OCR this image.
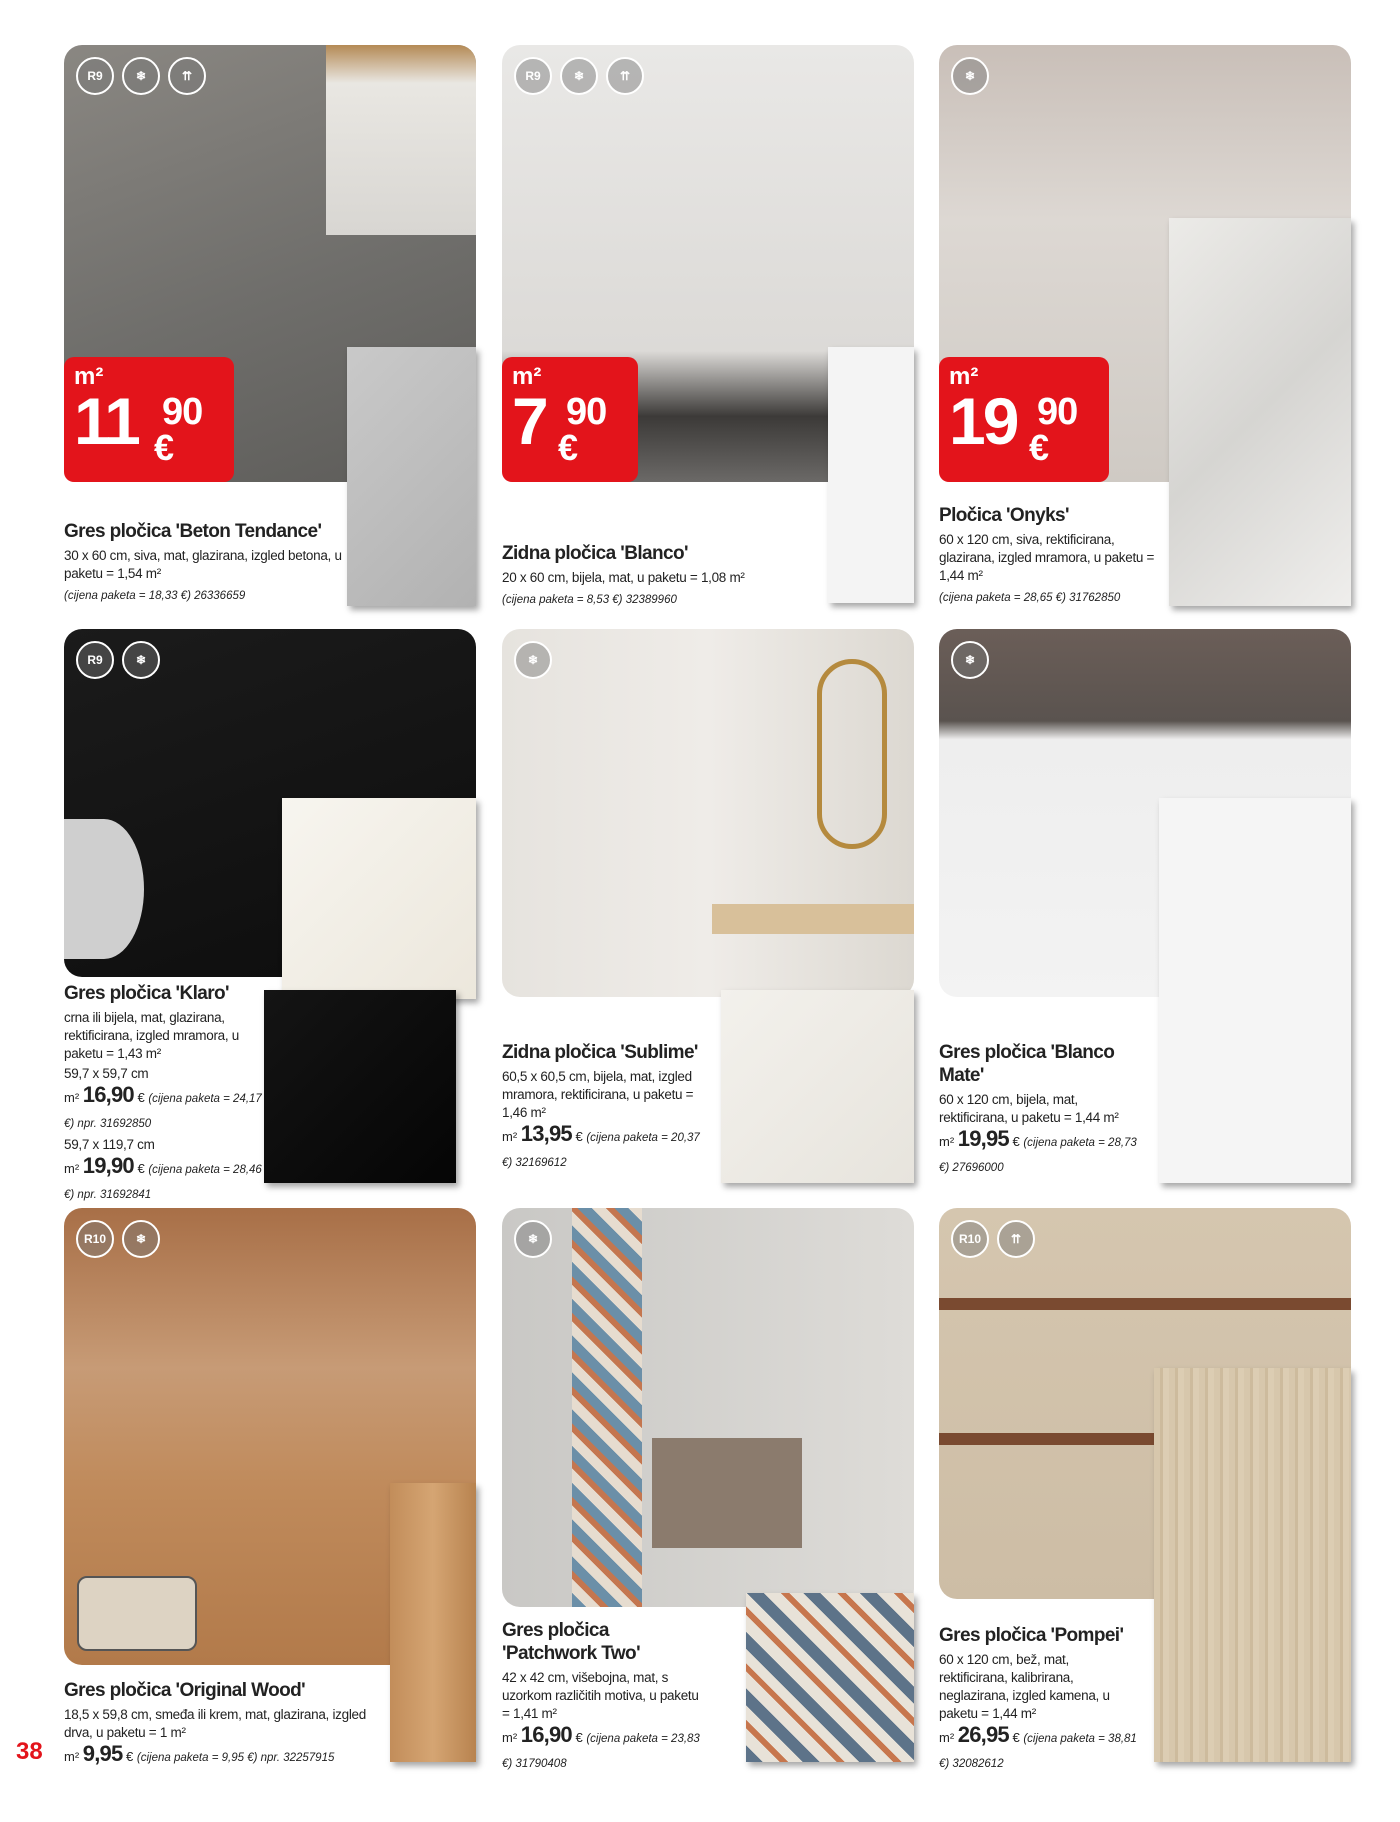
R9	❄	⇈
m²
11 90
€
Gres pločica 'Beton Tendance'
30 x 60 cm, siva, mat, glazirana, izgled betona, u paketu = 1,54 m²
(cijena paketa = 18,33 €) 26336659
R9	❄	⇈
m²
7 90
€
Zidna pločica 'Blanco'
20 x 60 cm, bijela, mat, u paketu = 1,08 m²
(cijena paketa = 8,53 €) 32389960
❄
m²
19 90
€
Pločica 'Onyks'
60 x 120 cm, siva, rektificirana, glazirana, izgled mramora, u paketu = 1,44 m²
(cijena paketa = 28,65 €) 31762850
R9	❄
Gres pločica 'Klaro'
crna ili bijela, mat, glazirana, rektificirana, izgled mramora, u paketu = 1,43 m²
59,7 x 59,7 cm
m² 16,90 € (cijena paketa = 24,17 €) npr. 31692850
59,7 x 119,7 cm
m² 19,90 € (cijena paketa = 28,46 €) npr. 31692841
❄
Zidna pločica 'Sublime'
60,5 x 60,5 cm, bijela, mat, izgled mramora, rektificirana, u paketu = 1,46 m²
m² 13,95 € (cijena paketa = 20,37 €) 32169612
❄
Gres pločica 'Blanco Mate'
60 x 120 cm, bijela, mat, rektificirana, u paketu = 1,44 m²
m² 19,95 € (cijena paketa = 28,73 €) 27696000
R10	❄
Gres pločica 'Original Wood'
18,5 x 59,8 cm, smeđa ili krem, mat, glazirana, izgled drva, u paketu = 1 m²
m² 9,95 € (cijena paketa = 9,95 €) npr. 32257915
❄
Gres pločica 'Patchwork Two'
42 x 42 cm, višebojna, mat, s uzorkom različitih motiva, u paketu = 1,41 m²
m² 16,90 € (cijena paketa = 23,83 €) 31790408
R10	⇈
Gres pločica 'Pompei'
60 x 120 cm, bež, mat, rektificirana, kalibrirana, neglazirana, izgled kamena, u paketu = 1,44 m²
m² 26,95 € (cijena paketa = 38,81 €) 32082612
38
